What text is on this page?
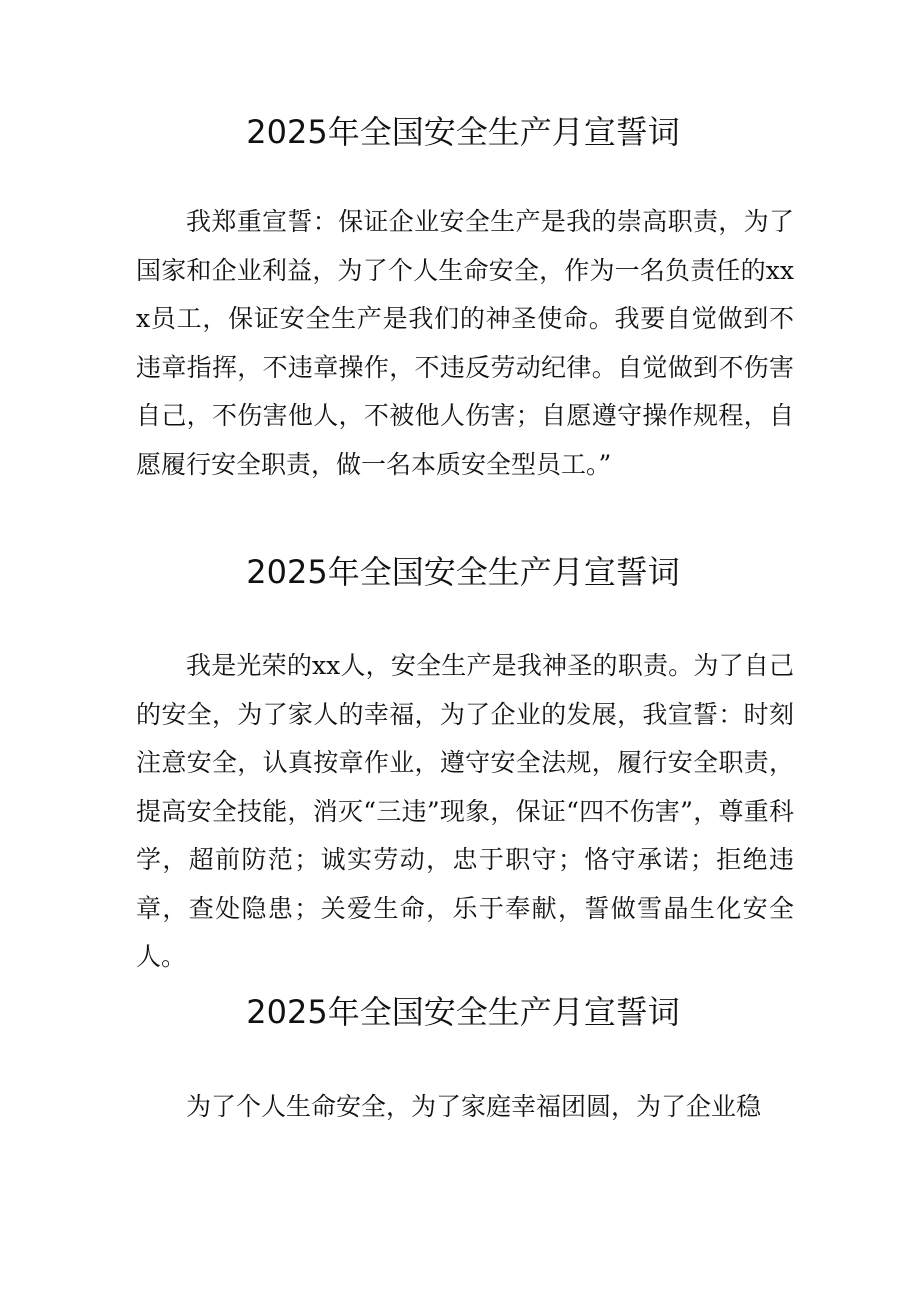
2025年全国安全生产月宣誓词

我郑重宣誓：保证企业安全生产是我的崇高职责，为了国家和企业利益，为了个人生命安全，作为一名负责任的xxx员工，保证安全生产是我们的神圣使命。我要自觉做到不违章指挥，不违章操作，不违反劳动纪律。自觉做到不伤害自己，不伤害他人，不被他人伤害；自愿遵守操作规程，自愿履行安全职责，做一名本质安全型员工。”

2025年全国安全生产月宣誓词

我是光荣的xx人，安全生产是我神圣的职责。为了自己的安全，为了家人的幸福，为了企业的发展，我宣誓：时刻注意安全，认真按章作业，遵守安全法规，履行安全职责，提高安全技能，消灭“三违”现象，保证“四不伤害”，尊重科学，超前防范；诚实劳动，忠于职守；恪守承诺；拒绝违章，查处隐患；关爱生命，乐于奉献，誓做雪晶生化安全人。

2025年全国安全生产月宣誓词

为了个人生命安全，为了家庭幸福团圆，为了企业稳
